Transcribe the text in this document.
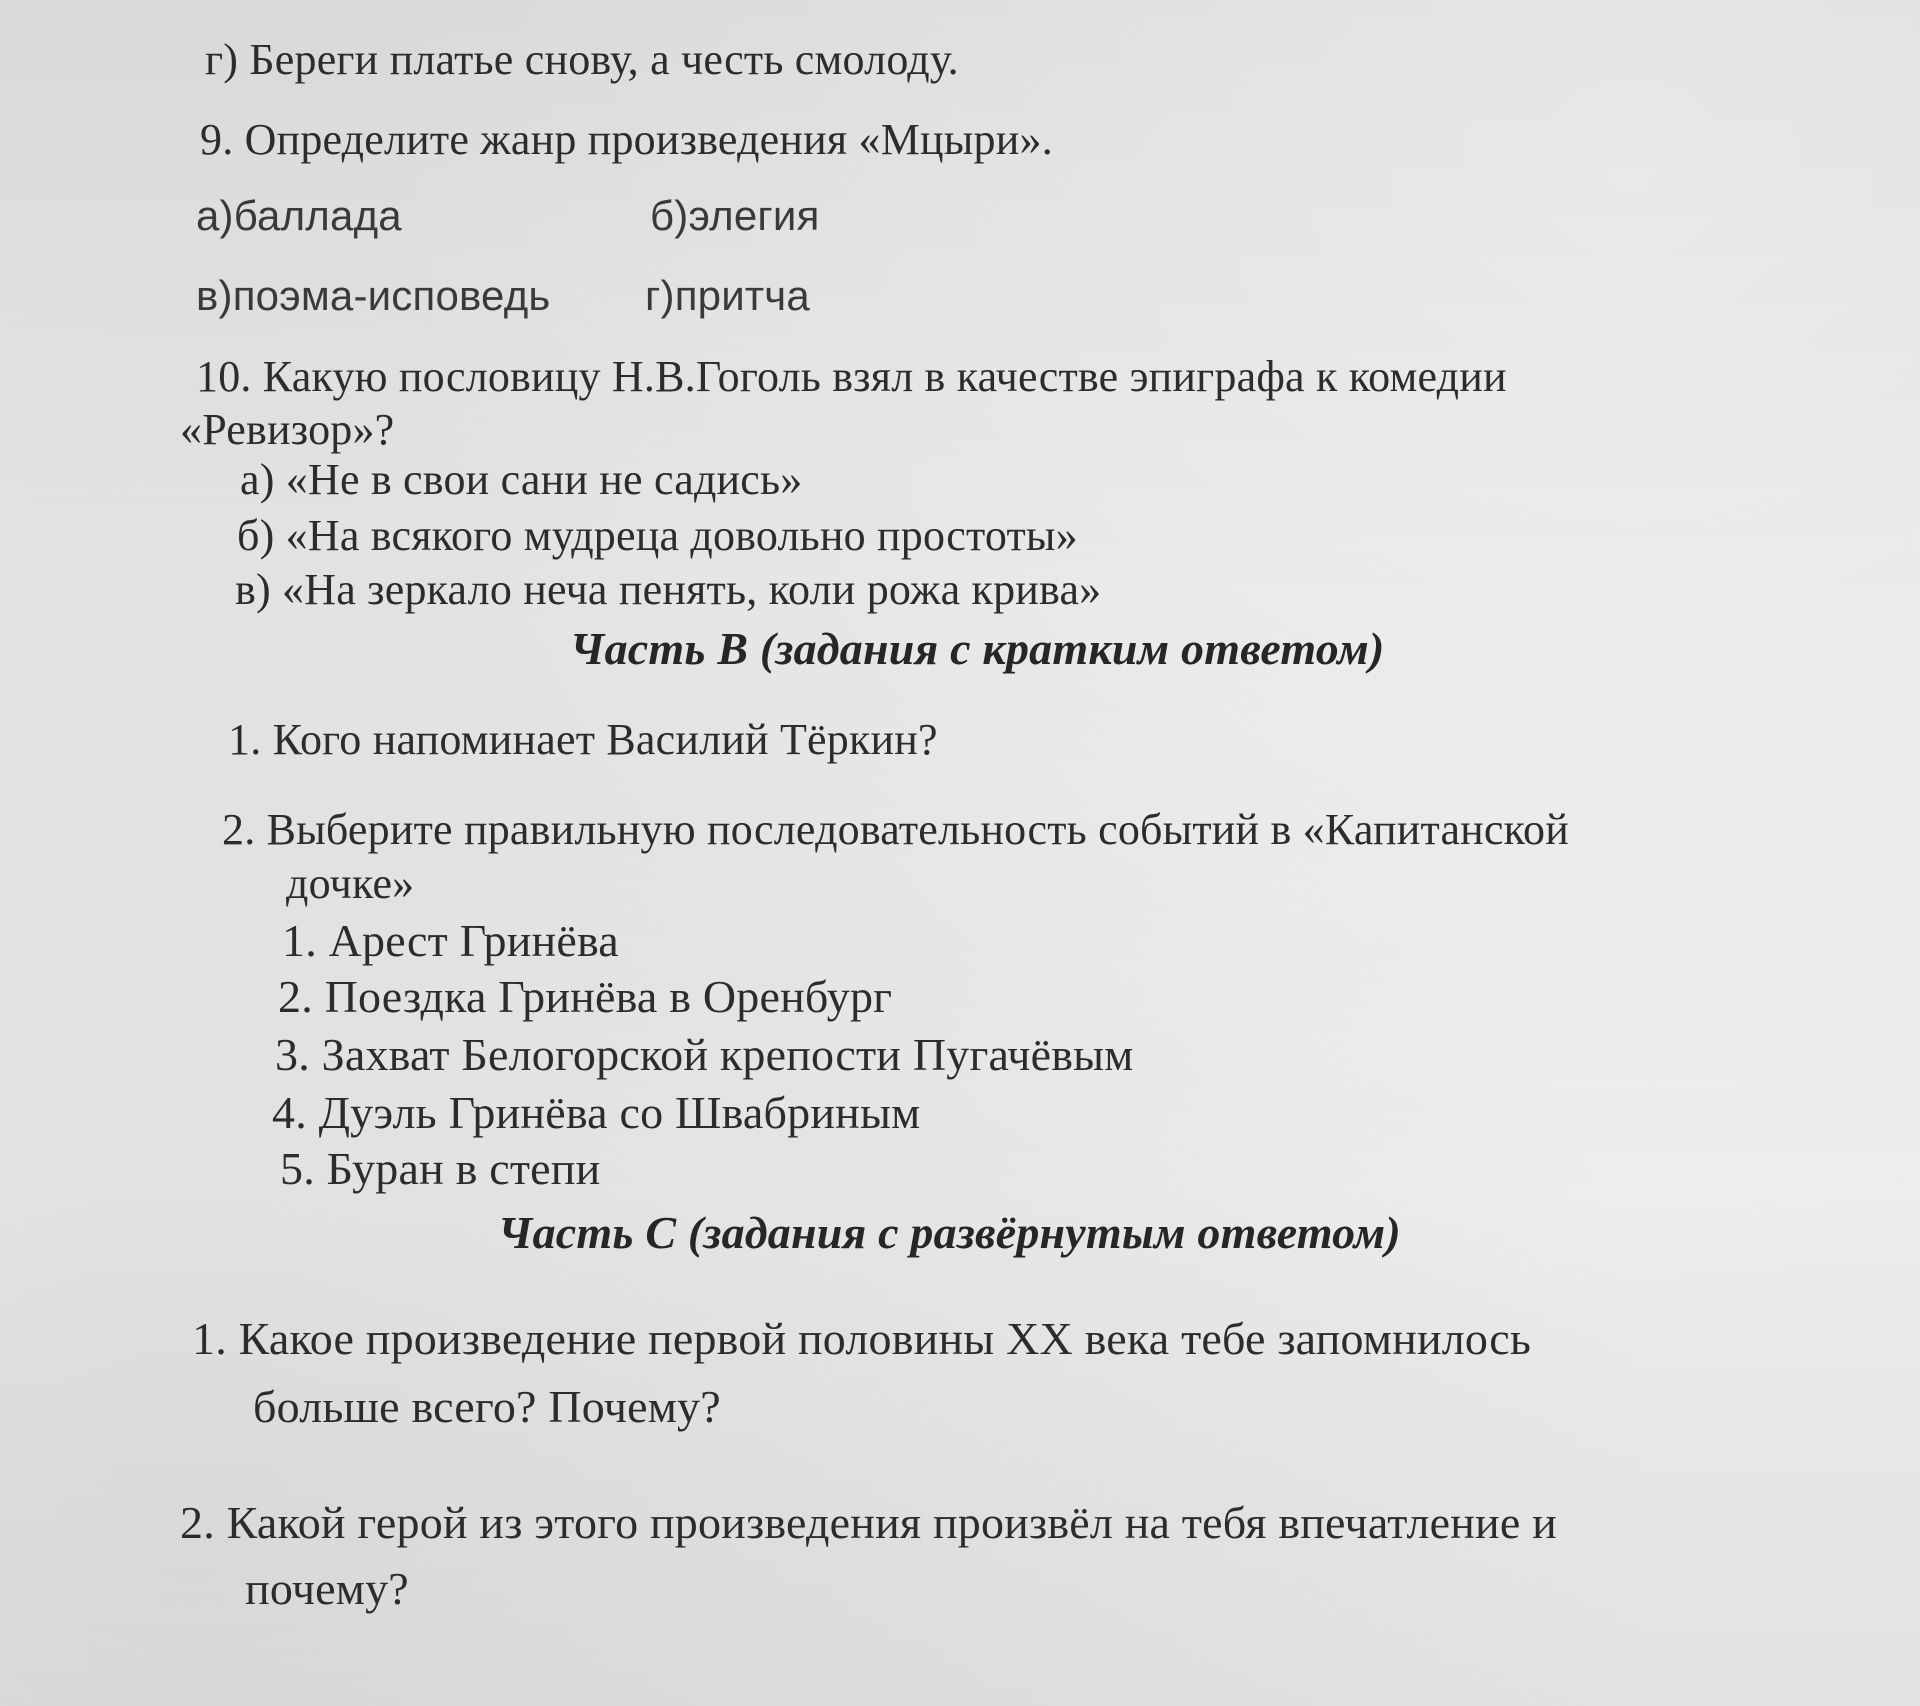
г) Береги платье снову, а честь смолоду.
9. Определите жанр произведения «Мцыри».
а)баллада	б)элегия
в)поэма-исповедь г)притча
10. Какую пословицу Н.В.Гоголь взял в качестве эпиграфа к комедии
«Ревизор»?
а) «Не в свои сани не садись»
б) «На всякого мудреца довольно простоты»
в) «На зеркало неча пенять, коли рожа крива»
Часть В (задания с кратким ответом)
1. Кого напоминает Василий Тёркин?
2. Выберите правильную последовательность событий в «Капитанской
дочке»
1. Арест Гринёва
2. Поездка Гринёва в Оренбург
3. Захват Белогорской крепости Пугачёвым
4. Дуэль Гринёва со Швабриным
5. Буран в степи
Часть С (задания с развёрнутым ответом)
1. Какое произведение первой половины XX века тебе запомнилось
больше всего? Почему?
2. Какой герой из этого произведения произвёл на тебя впечатление и
почему?
